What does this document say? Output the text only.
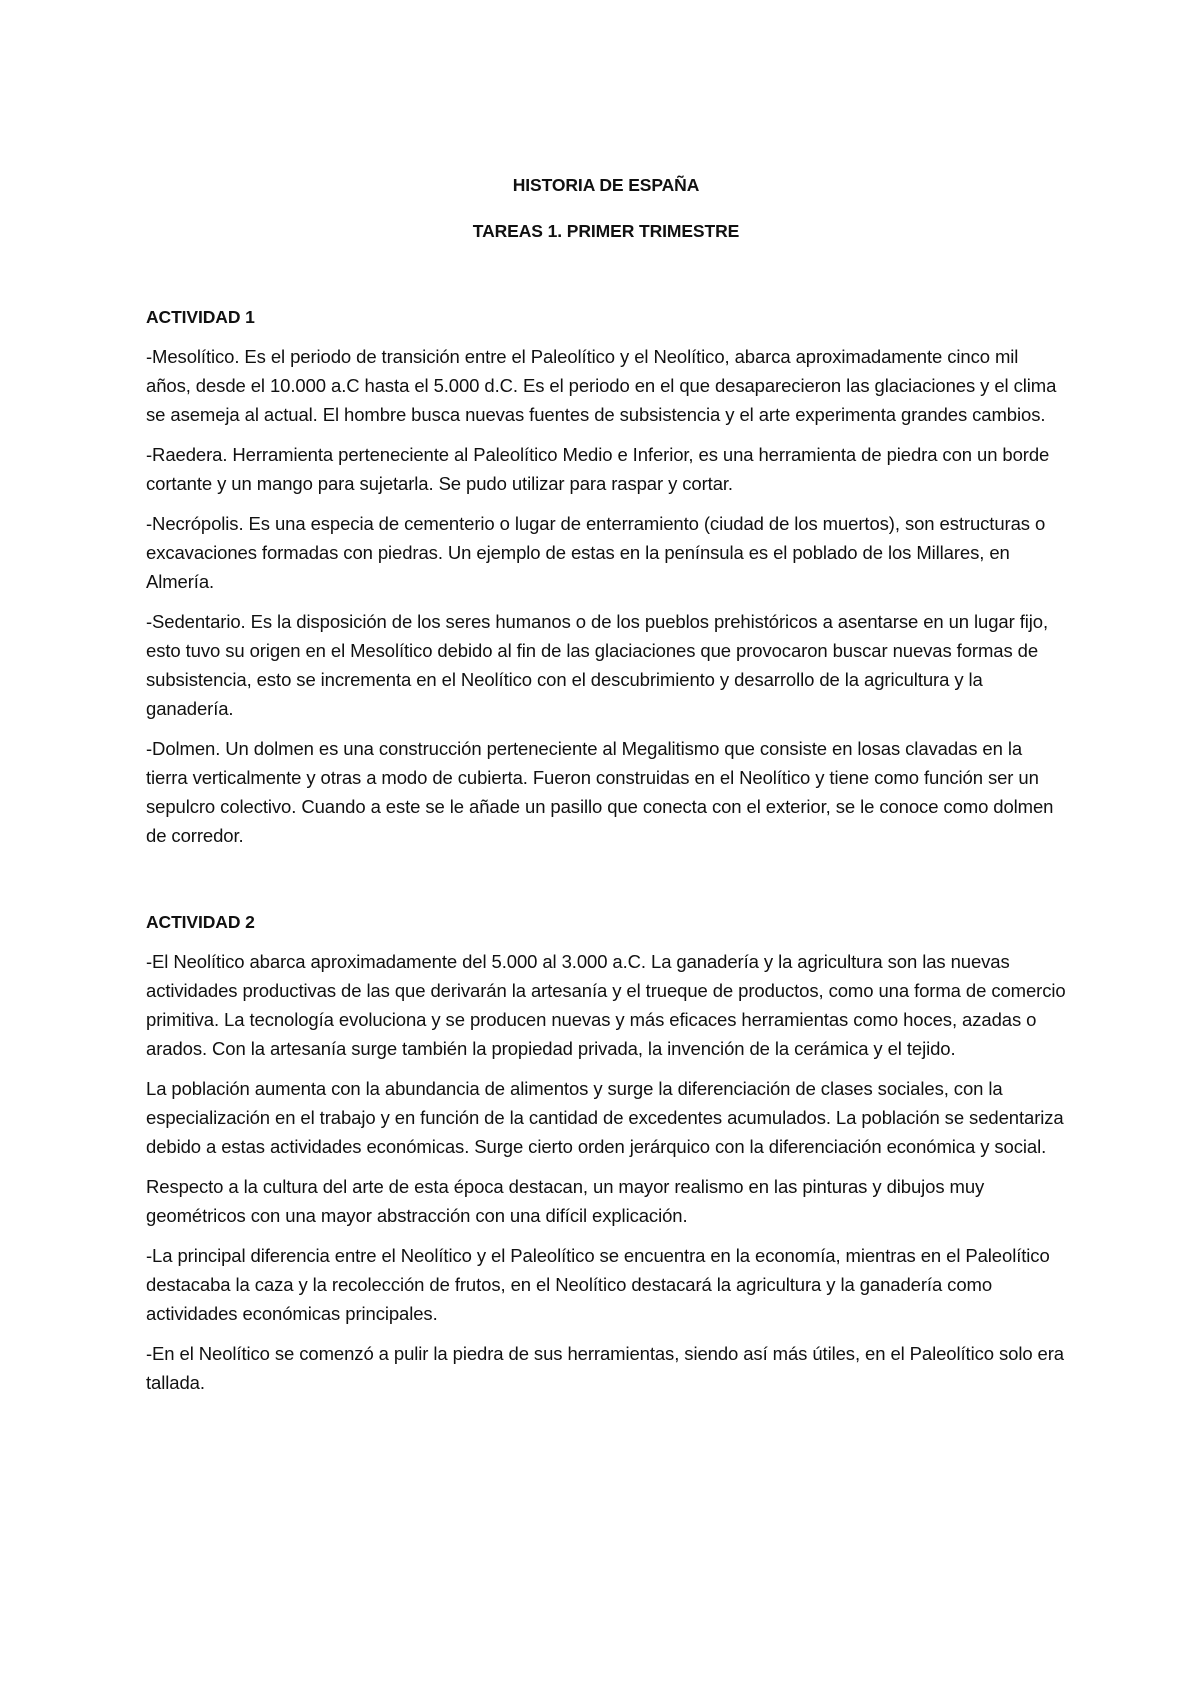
HISTORIA DE ESPAÑA
TAREAS 1. PRIMER TRIMESTRE
ACTIVIDAD 1

-Mesolítico. Es el periodo de transición entre el Paleolítico y el Neolítico, abarca aproximadamente cinco mil años, desde el 10.000 a.C hasta el 5.000 d.C. Es el periodo en el que desaparecieron las glaciaciones y el clima se asemeja al actual. El hombre busca nuevas fuentes de subsistencia y el arte experimenta grandes cambios.

-Raedera. Herramienta perteneciente al Paleolítico Medio e Inferior, es una herramienta de piedra con un borde cortante y un mango para sujetarla. Se pudo utilizar para raspar y cortar.

-Necrópolis. Es una especia de cementerio o lugar de enterramiento (ciudad de los muertos), son estructuras o excavaciones formadas con piedras. Un ejemplo de estas en la península es el poblado de los Millares, en Almería.

-Sedentario. Es la disposición de los seres humanos o de los pueblos prehistóricos a asentarse en un lugar fijo, esto tuvo su origen en el Mesolítico debido al fin de las glaciaciones que provocaron buscar nuevas formas de subsistencia, esto se incrementa en el Neolítico con el descubrimiento y desarrollo de la agricultura y la ganadería.

-Dolmen. Un dolmen es una construcción perteneciente al Megalitismo que consiste en losas clavadas en la tierra verticalmente y otras a modo de cubierta. Fueron construidas en el Neolítico y tiene como función ser un sepulcro colectivo. Cuando a este se le añade un pasillo que conecta con el exterior, se le conoce como dolmen de corredor.

ACTIVIDAD 2

-El Neolítico abarca aproximadamente del 5.000 al 3.000 a.C. La ganadería y la agricultura son las nuevas actividades productivas de las que derivarán la artesanía y el trueque de productos, como una forma de comercio primitiva. La tecnología evoluciona y se producen nuevas y más eficaces herramientas como hoces, azadas o arados. Con la artesanía surge también la propiedad privada, la invención de la cerámica y el tejido.

La población aumenta con la abundancia de alimentos y surge la diferenciación de clases sociales, con la especialización en el trabajo y en función de la cantidad de excedentes acumulados. La población se sedentariza debido a estas actividades económicas. Surge cierto orden jerárquico con la diferenciación económica y social.

Respecto a la cultura del arte de esta época destacan, un mayor realismo en las pinturas y dibujos muy geométricos con una mayor abstracción con una difícil explicación.

-La principal diferencia entre el Neolítico y el Paleolítico se encuentra en la economía, mientras en el Paleolítico destacaba la caza y la recolección de frutos, en el Neolítico destacará la agricultura y la ganadería como actividades económicas principales.

-En el Neolítico se comenzó a pulir la piedra de sus herramientas, siendo así más útiles, en el Paleolítico solo era tallada.
